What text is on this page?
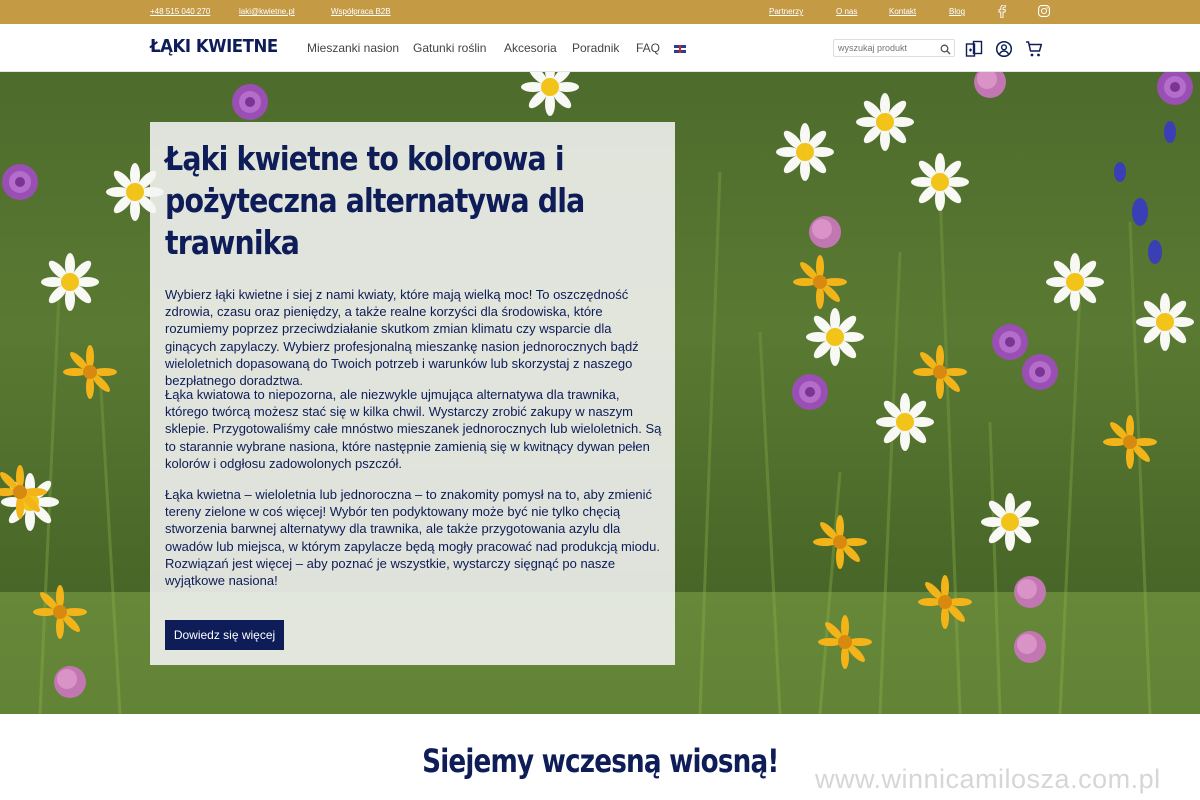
+48 515 040 270	laki@kwietne.pl	Współpraca B2B	Partnerzy	O nas	Kontakt	Blog
ŁĄKI KWIETNE Mieszanki nasion Gatunki roślin Akcesoria Poradnik FAQ
wyszukaj produkt
Łąki kwietne to kolorowa i pożyteczna alternatywa dla trawnika

Wybierz łąki kwietne i siej z nami kwiaty, które mają wielką moc! To oszczędność zdrowia, czasu oraz pieniędzy, a także realne korzyści dla środowiska, które rozumiemy poprzez przeciwdziałanie skutkom zmian klimatu czy wsparcie dla ginących zapylaczy. Wybierz profesjonalną mieszankę nasion jednorocznych bądź wieloletnich dopasowaną do Twoich potrzeb i warunków lub skorzystaj z naszego bezpłatnego doradztwa.

Łąka kwiatowa to niepozorna, ale niezwykle ujmująca alternatywa dla trawnika, którego twórcą możesz stać się w kilka chwil. Wystarczy zrobić zakupy w naszym sklepie. Przygotowaliśmy całe mnóstwo mieszanek jednorocznych lub wieloletnich. Są to starannie wybrane nasiona, które następnie zamienią się w kwitnący dywan pełen kolorów i odgłosu zadowolonych pszczół.

Łąka kwietna – wieloletnia lub jednoroczna – to znakomity pomysł na to, aby zmienić tereny zielone w coś więcej! Wybór ten podyktowany może być nie tylko chęcią stworzenia barwnej alternatywy dla trawnika, ale także przygotowania azylu dla owadów lub miejsca, w którym zapylacze będą mogły pracować nad produkcją miodu. Rozwiązań jest więcej – aby poznać je wszystkie, wystarczy sięgnąć po nasze wyjątkowe nasiona!

Dowiedz się więcej
Siejemy wczesną wiosną!	www.winnicamilosza.com.pl
